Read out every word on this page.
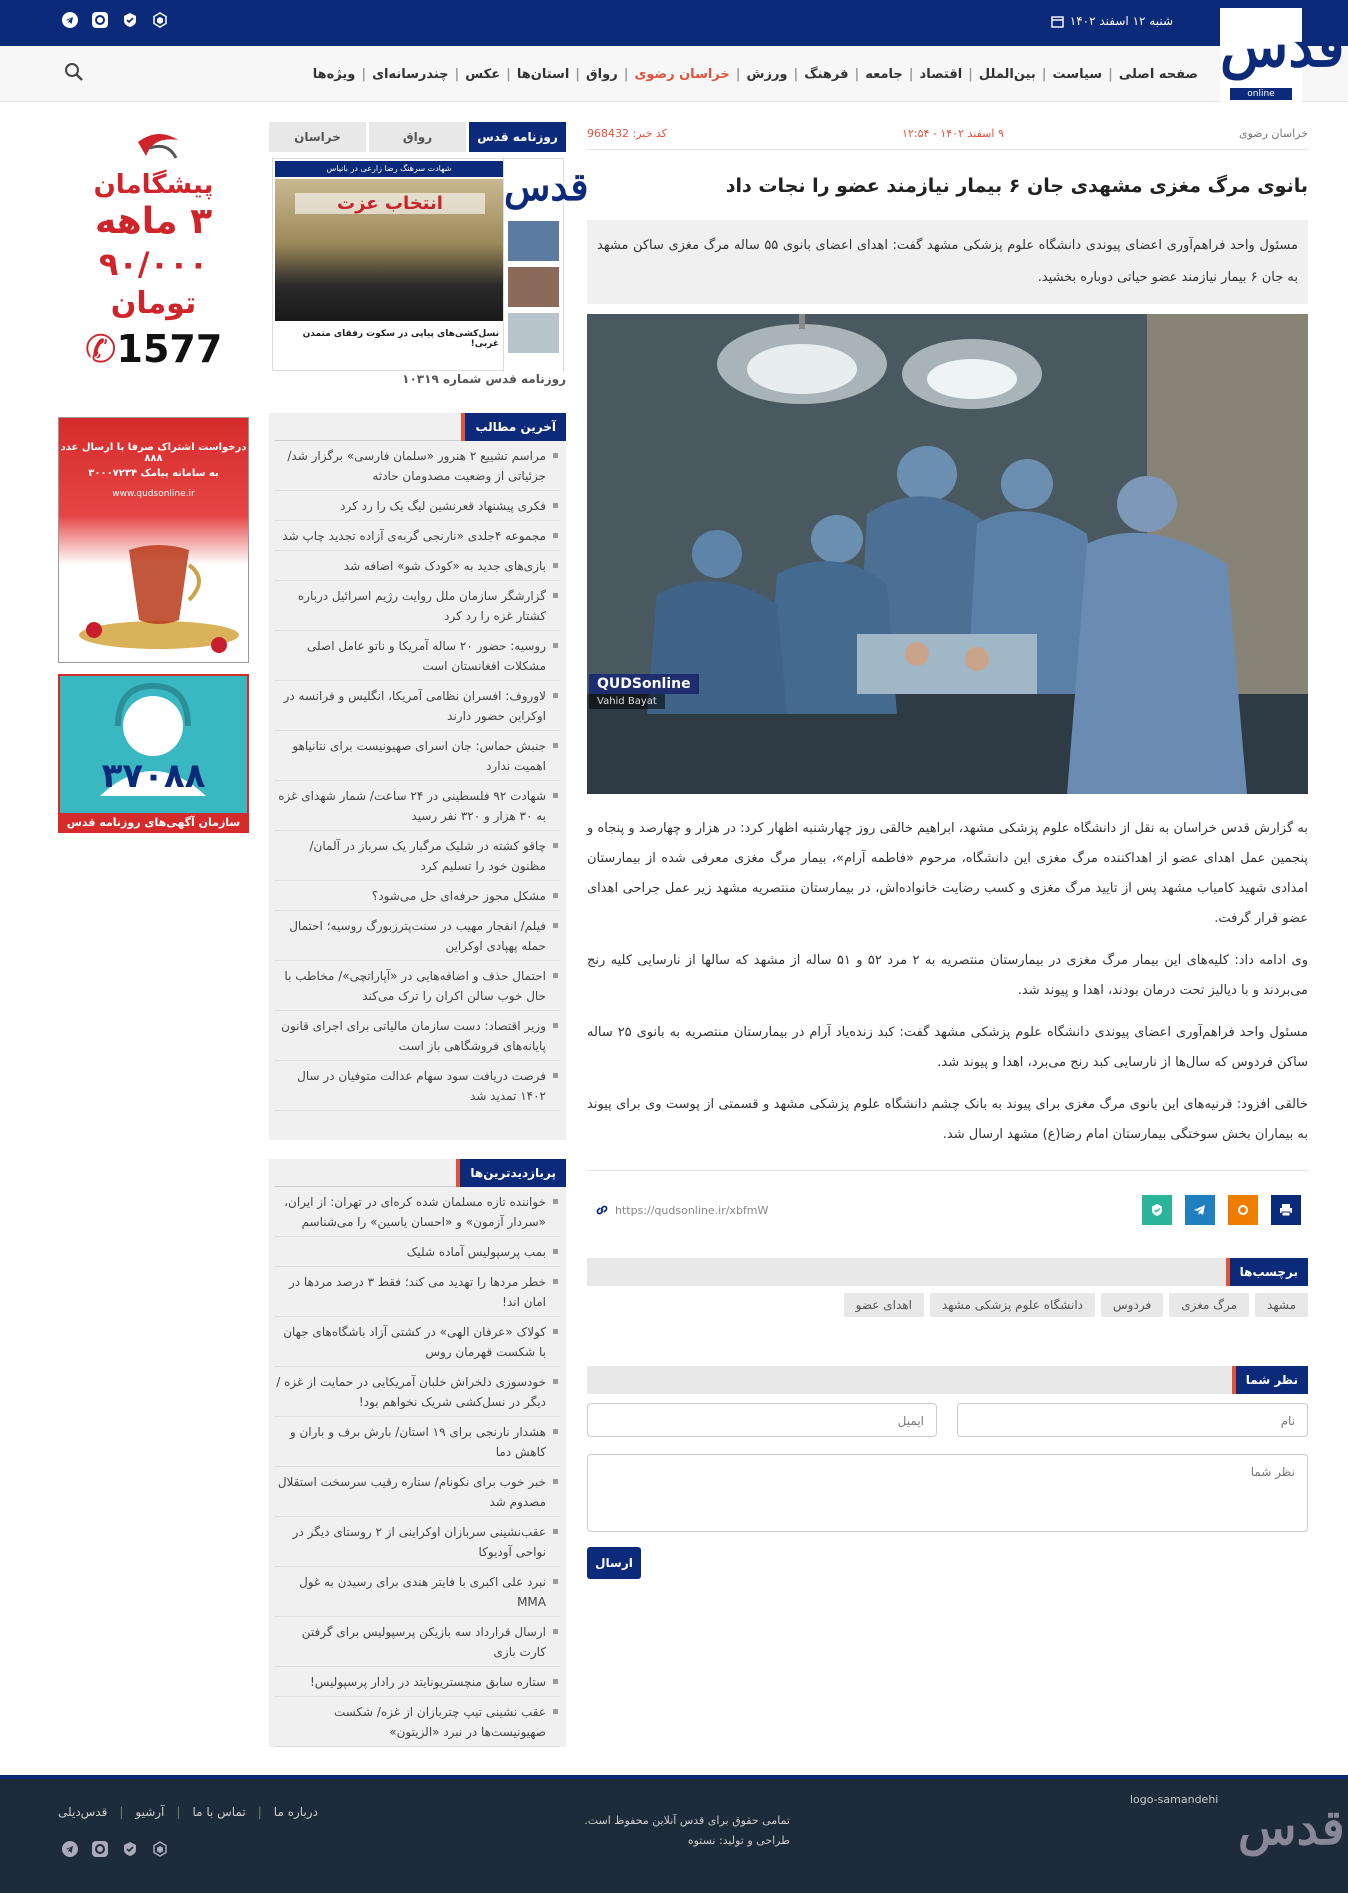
شنبه ۱۲ اسفند ۱۴۰۲ قدس
online
صفحه اصلی
|
سیاست
|
بین‌الملل
|
اقتصاد
|
جامعه
|
فرهنگ
|
ورزش
|
خراسان رضوی
|
رواق
|
استان‌ها
|
عکس
|
چندرسانه‌ای
|
ویژه‌ها
خراسان رضوی
۹ اسفند ۱۴۰۲ - ۱۲:۵۴
کد خبر: 968432
بانوی مرگ مغزی مشهدی جان ۶ بیمار نیازمند عضو را نجات داد
مسئول واحد فراهم‌آوری اعضای پیوندی دانشگاه علوم پزشکی مشهد گفت: اهدای اعضای بانوی ۵۵ ساله مرگ مغزی ساکن مشهد به جان ۶ بیمار نیازمند عضو حیاتی دوباره بخشید.
QUDSonline
Vahid Bayat

به گزارش قدس خراسان به نقل از دانشگاه علوم پزشکی مشهد، ابراهیم خالقی روز چهارشنبه اظهار کرد: در هزار و چهارصد و پنجاه و پنجمین عمل اهدای عضو از اهداکننده مرگ مغزی این دانشگاه، مرحوم «فاطمه آرام»، بیمار مرگ مغزی معرفی شده از بیمارستان امدادی شهید کامیاب مشهد پس از تایید مرگ مغزی و کسب رضایت خانواده‌اش، در بیمارستان منتصریه مشهد زیر عمل جراحی اهدای عضو قرار گرفت.

وی ادامه داد: کلیه‌های این بیمار مرگ مغزی در بیمارستان منتصریه به ۲ مرد ۵۲ و ۵۱ ساله از مشهد که سالها از نارسایی کلیه رنج می‌بردند و با دیالیز تحت درمان بودند، اهدا و پیوند شد.

مسئول واحد فراهم‌آوری اعضای پیوندی دانشگاه علوم پزشکی مشهد گفت: کبد زنده‌یاد آرام در بیمارستان منتصریه به بانوی ۲۵ ساله ساکن فردوس که سال‌ها از نارسایی کبد رنج می‌برد، اهدا و پیوند شد.

خالقی افزود: قرنیه‌های این بانوی مرگ مغزی برای پیوند به بانک چشم دانشگاه علوم پزشکی مشهد و قسمتی از پوست وی برای پیوند به بیماران بخش سوختگی بیمارستان امام رضا(ع) مشهد ارسال شد.

https://qudsonline.ir/xbfmW
برچسب‌ها
مشهد
مرگ مغزی
فردوس
دانشگاه علوم پزشکی مشهد
اهدای عضو
نظر شما
نام
ایمیل
نظر شما
ارسال
روزنامه قدس
رواق
خراسان
قدس
شهادت سرهنگ رضا زارعی در بانیاس
انتخاب عزت
نسل‌کشی‌های پیاپی در سکوت رفقای متمدن غربی!
روزنامه قدس شماره ۱۰۳۱۹
آخرین مطالب
مراسم تشییع ۲ هنرور «سلمان فارسی» برگزار شد/ جزئیاتی از وضعیت مصدومان حادثه
فکری پیشنهاد قعرنشین لیگ یک را رد کرد
مجموعه ۴جلدی «نارنجی گربه‌ی آزاده تجدید چاپ شد
بازی‌های جدید به «کودک شو» اضافه شد
گزارشگر سازمان ملل روایت رژیم اسرائیل درباره کشتار غزه را رد کرد
روسیه: حضور ۲۰ ساله آمریکا و ناتو عامل اصلی مشکلات افغانستان است
لاوروف: افسران نظامی آمریکا، انگلیس و فرانسه در اوکراین حضور دارند
جنبش حماس: جان اسرای صهیونیست برای نتانیاهو اهمیت ندارد
شهادت ۹۲ فلسطینی در ۲۴ ساعت/ شمار شهدای غزه به ۳۰ هزار و ۳۲۰ نفر رسید
چاقو کشته در شلیک مرگبار یک سرباز در آلمان/ مظنون خود را تسلیم کرد
مشکل مجوز حرفه‌ای حل می‌شود؟
فیلم/ انفجار مهیب در سنت‌پترزبورگ روسیه؛ احتمال حمله پهپادی اوکراین
احتمال حذف و اضافه‌هایی در «آپاراتچی»/ مخاطب با حال خوب سالن اکران را ترک می‌کند
وزیر اقتصاد: دست سازمان مالیاتی برای اجرای قانون پایانه‌های فروشگاهی باز است
فرصت دریافت سود سهام عدالت متوفیان در سال ۱۴۰۲ تمدید شد
پربازدیدترین‌ها
خواننده تازه مسلمان شده کره‌ای در تهران: از ایران، «سردار آزمون» و «احسان یاسین» را می‌شناسم
بمب پرسپولیس آماده شلیک
خطر مردها را تهدید می کند؛ فقط ۳ درصد مردها در امان اند!
کولاک «عرفان الهی» در کشتی آزاد باشگاه‌های جهان با شکست قهرمان روس
خودسوزی دلخراش خلبان آمریکایی در حمایت از غزه / دیگر در نسل‌کشی شریک نخواهم بود!
هشدار نارنجی برای ۱۹ استان/ بارش برف و باران و کاهش دما
خبر خوب برای نکونام/ ستاره رقیب سرسخت استقلال مصدوم شد
عقب‌نشینی سربازان اوکراینی از ۲ روستای دیگر در نواحی آودیوکا
نبرد علی اکبری با فایتر هندی برای رسیدن به غول MMA
ارسال قرارداد سه بازیکن پرسپولیس برای گرفتن کارت بازی
ستاره سابق منچستریونایتد در رادار پرسپولیس!
عقب نشینی تیپ چتربازان از غزه/ شکست صهیونیست‌ها در نبرد «الزیتون»
پیشگامان
۳ ماهه
۹۰/۰۰۰
تومان
✆1577
درخواست اشتراک صرفا با ارسال عدد ۸۸۸
به سامانه پیامک ۳۰۰۰۷۲۳۴
www.qudsonline.ir
۳۷۰۸۸
سازمان آگهی‌های روزنامه قدس
قدس‌دیلی | آرشیو | تماس با ما | درباره ما
تمامی حقوق برای قدس آنلاین محفوظ است.
طراحی و تولید: نستوه
logo-samandehi
قدس
